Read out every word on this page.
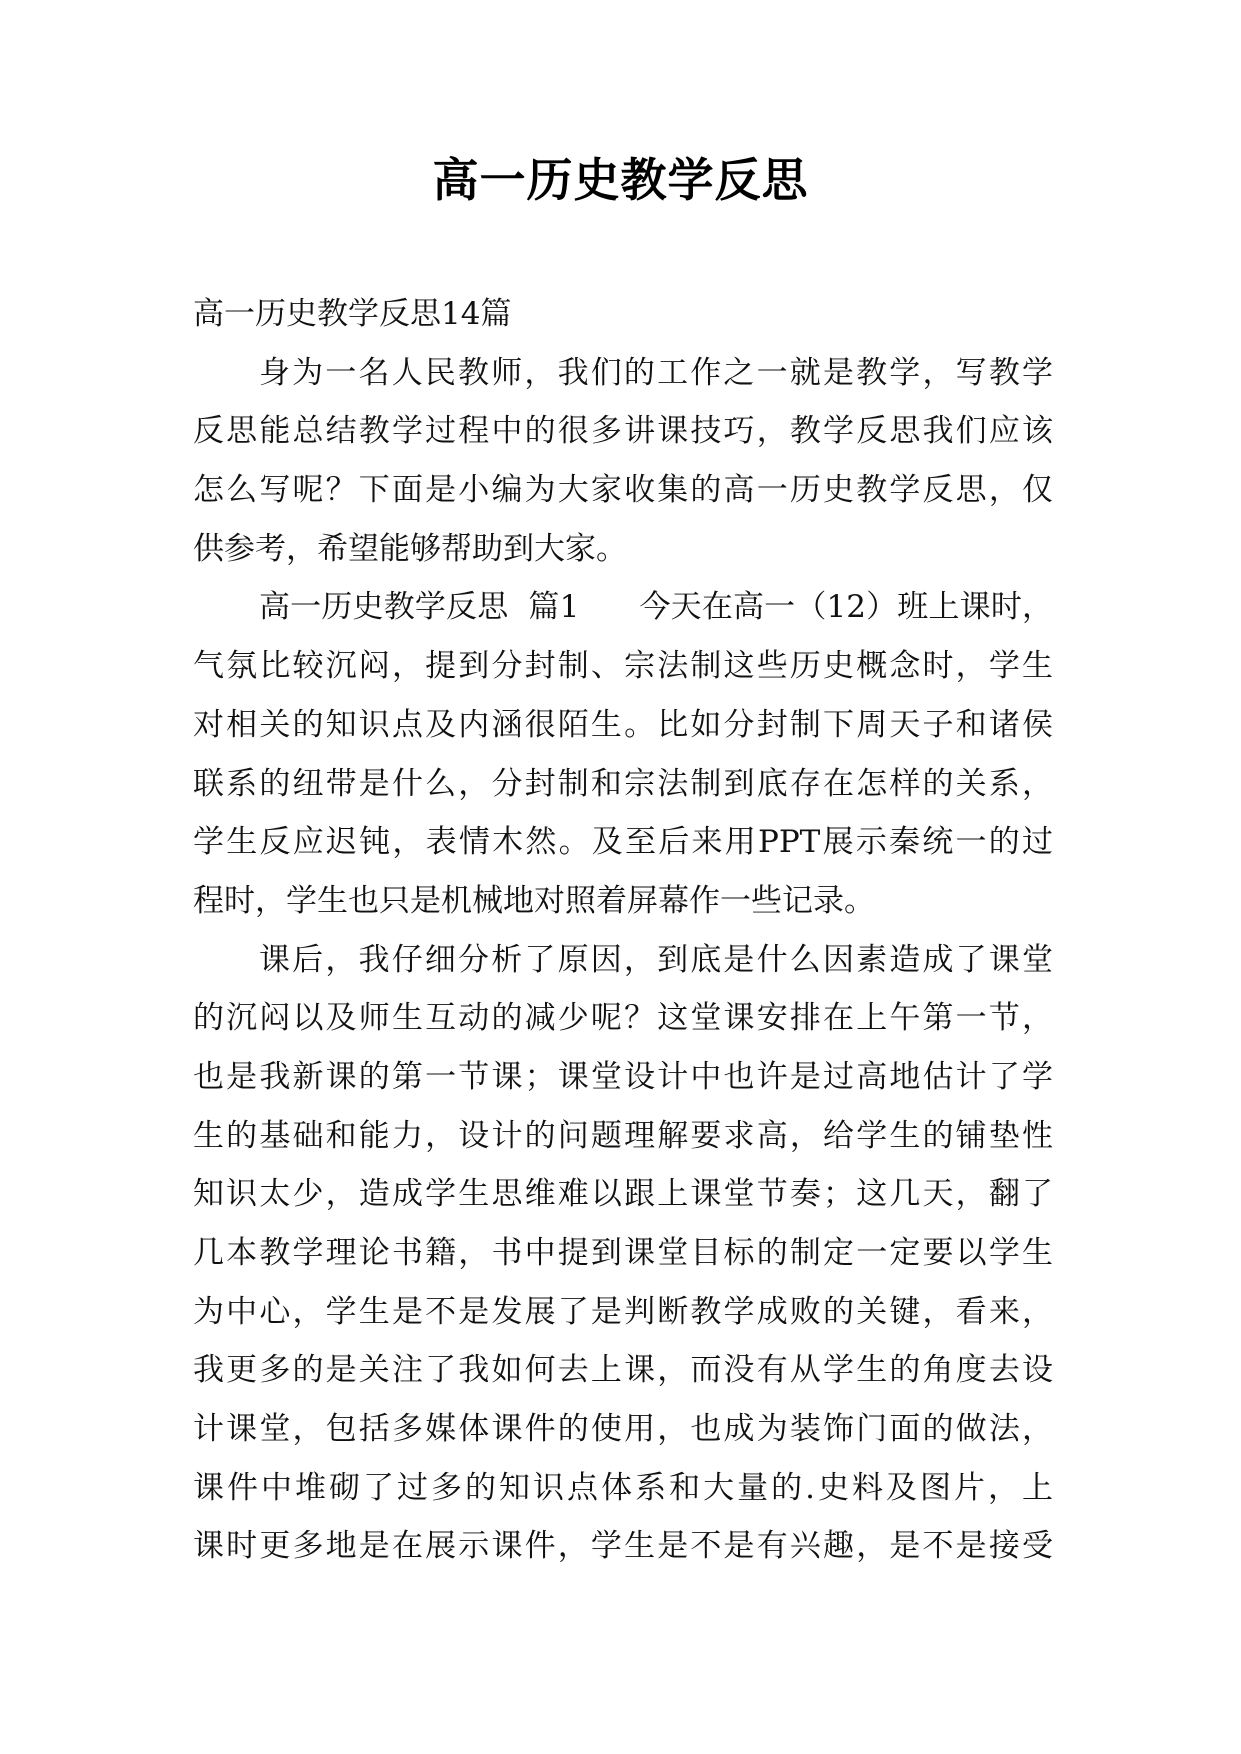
高一历史教学反思
高一历史教学反思14篇
身为一名人民教师，我们的工作之一就是教学，写教学
反思能总结教学过程中的很多讲课技巧，教学反思我们应该
怎么写呢？下面是小编为大家收集的高一历史教学反思，仅
供参考，希望能够帮助到大家。
高一历史教学反思  篇1      今天在高一（12）班上课时，
气氛比较沉闷，提到分封制、宗法制这些历史概念时，学生
对相关的知识点及内涵很陌生。比如分封制下周天子和诸侯
联系的纽带是什么，分封制和宗法制到底存在怎样的关系，
学生反应迟钝，表情木然。及至后来用PPT展示秦统一的过
程时，学生也只是机械地对照着屏幕作一些记录。
课后，我仔细分析了原因，到底是什么因素造成了课堂
的沉闷以及师生互动的减少呢？这堂课安排在上午第一节，
也是我新课的第一节课；课堂设计中也许是过高地估计了学
生的基础和能力，设计的问题理解要求高，给学生的铺垫性
知识太少，造成学生思维难以跟上课堂节奏；这几天，翻了
几本教学理论书籍，书中提到课堂目标的制定一定要以学生
为中心，学生是不是发展了是判断教学成败的关键，看来，
我更多的是关注了我如何去上课，而没有从学生的角度去设
计课堂，包括多媒体课件的使用，也成为装饰门面的做法，
课件中堆砌了过多的知识点体系和大量的.史料及图片，上
课时更多地是在展示课件，学生是不是有兴趣，是不是接受
